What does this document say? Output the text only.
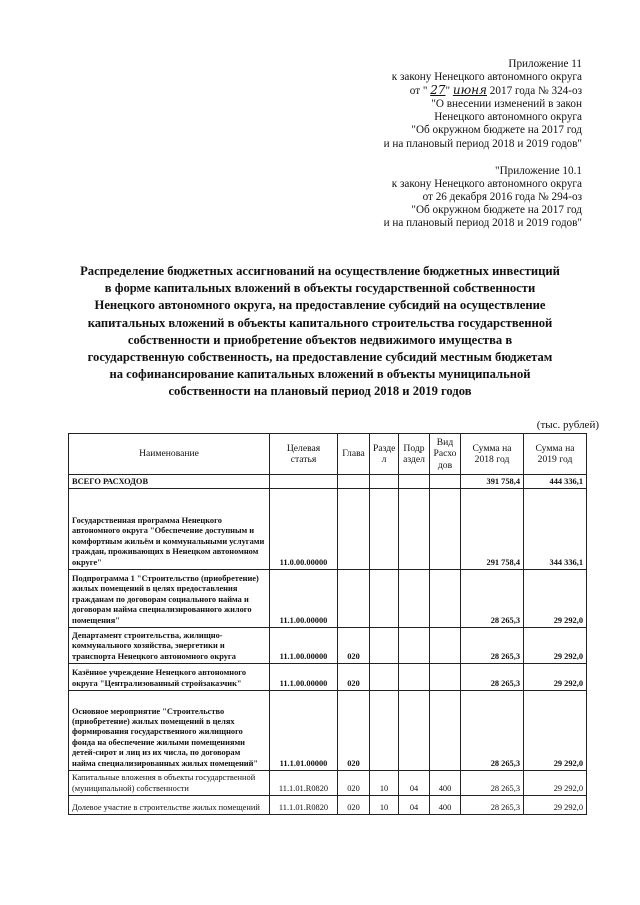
Приложение 11
к закону Ненецкого автономного округа
от " 27" июня 2017 года № 324-оз
"О внесении изменений в закон
Ненецкого автономного округа
"Об окружном бюджете на 2017 год
и на плановый период 2018 и 2019 годов"
"Приложение 10.1
к закону Ненецкого автономного округа
от 26 декабря 2016 года № 294-оз
"Об окружном бюджете на 2017 год
и на плановый период 2018 и 2019 годов"
Распределение бюджетных ассигнований на осуществление бюджетных инвестиций
в форме капитальных вложений в объекты государственной собственности
Ненецкого автономного округа, на предоставление субсидий на осуществление
капитальных вложений в объекты капитального строительства государственной
собственности и приобретение объектов недвижимого имущества в
государственную собственность, на предоставление субсидий местным бюджетам
на софинансирование капитальных вложений в объекты муниципальной
собственности на плановый период 2018 и 2019 годов
(тыс. рублей)
Наименование	Целевая статья	Глава	Разде л	Подр аздел	Вид Расхо дов	Сумма на 2018 год	Сумма на 2019 год
ВСЕГО РАСХОДОВ						391 758,4	444 336,1
Государственная программа Ненецкого автономного округа "Обеспечение доступным и комфортным жильём и коммунальными услугами граждан, проживающих в Ненецком автономном округе"	11.0.00.00000					291 758,4	344 336,1
Подпрограмма 1 "Строительство (приобретение) жилых помещений в целях предоставления гражданам по договорам социального найма и договорам найма специализированного жилого помещения"	11.1.00.00000					28 265,3	29 292,0
Департамент строительства, жилищно-коммунального хозяйства, энергетики и транспорта Ненецкого автономного округа	11.1.00.00000	020				28 265,3	29 292,0
Казённое учреждение Ненецкого автономного округа "Централизованный стройзаказчик"	11.1.00.00000	020				28 265,3	29 292,0
Основное мероприятие "Строительство (приобретение) жилых помещений в целях формирования государственного жилищного фонда на обеспечение жилыми помещениями детей-сирот и лиц из их числа, по договорам найма специализированных жилых помещений"	11.1.01.00000	020				28 265,3	29 292,0
Капитальные вложения в объекты государственной (муниципальной) собственности	11.1.01.R0820	020	10	04	400	28 265,3	29 292,0
Долевое участие в строительстве жилых помещений	11.1.01.R0820	020	10	04	400	28 265,3	29 292,0
